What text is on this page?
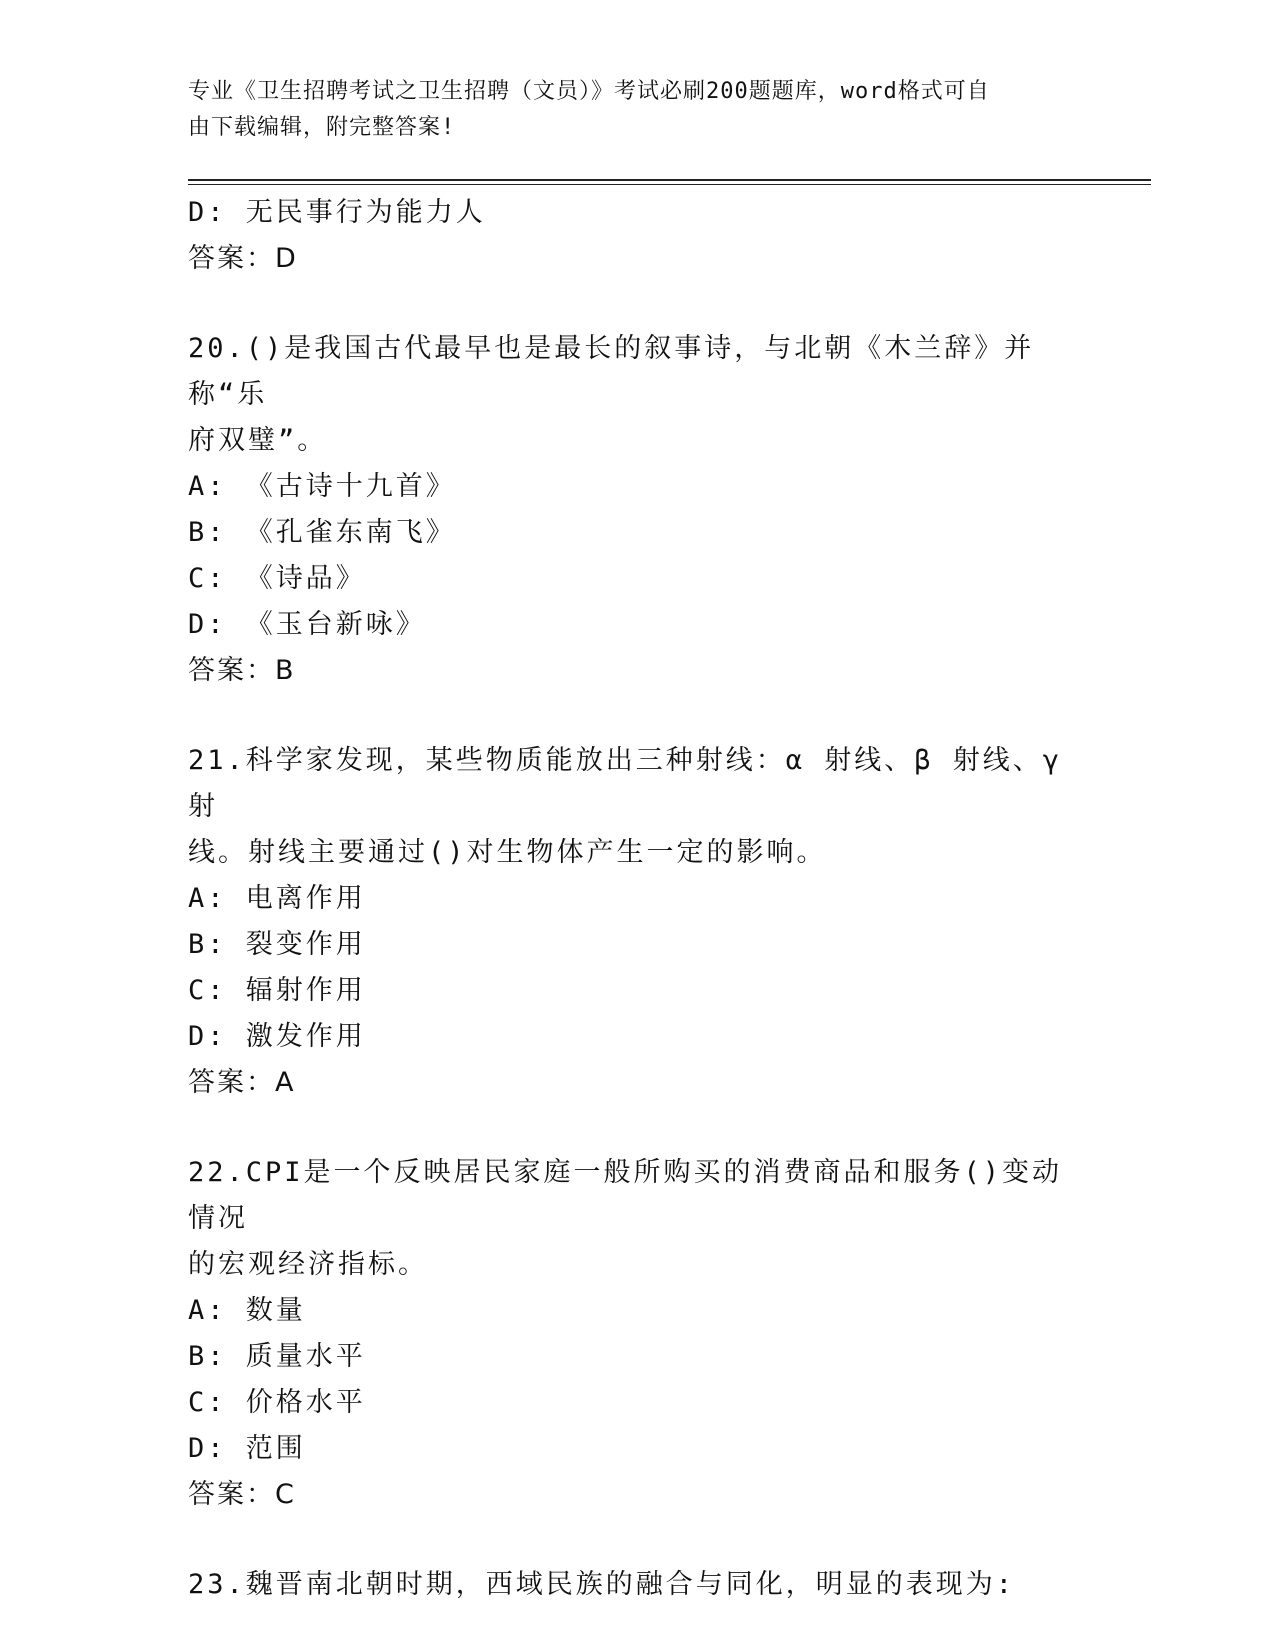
专业《卫生招聘考试之卫生招聘（文员）》考试必刷200题题库，word格式可自
由下载编辑，附完整答案!
D: 无民事行为能力人
答案：D
20.()是我国古代最早也是最长的叙事诗，与北朝《木兰辞》并称“乐
府双璧”。
A: 《古诗十九首》
B: 《孔雀东南飞》
C: 《诗品》
D: 《玉台新咏》
答案：B
21.科学家发现，某些物质能放出三种射线：α 射线、β 射线、γ 射
线。射线主要通过()对生物体产生一定的影响。
A: 电离作用
B: 裂变作用
C: 辐射作用
D: 激发作用
答案：A
22.CPI是一个反映居民家庭一般所购买的消费商品和服务()变动情况
的宏观经济指标。
A: 数量
B: 质量水平
C: 价格水平
D: 范围
答案：C
23.魏晋南北朝时期，西域民族的融合与同化，明显的表现为:
